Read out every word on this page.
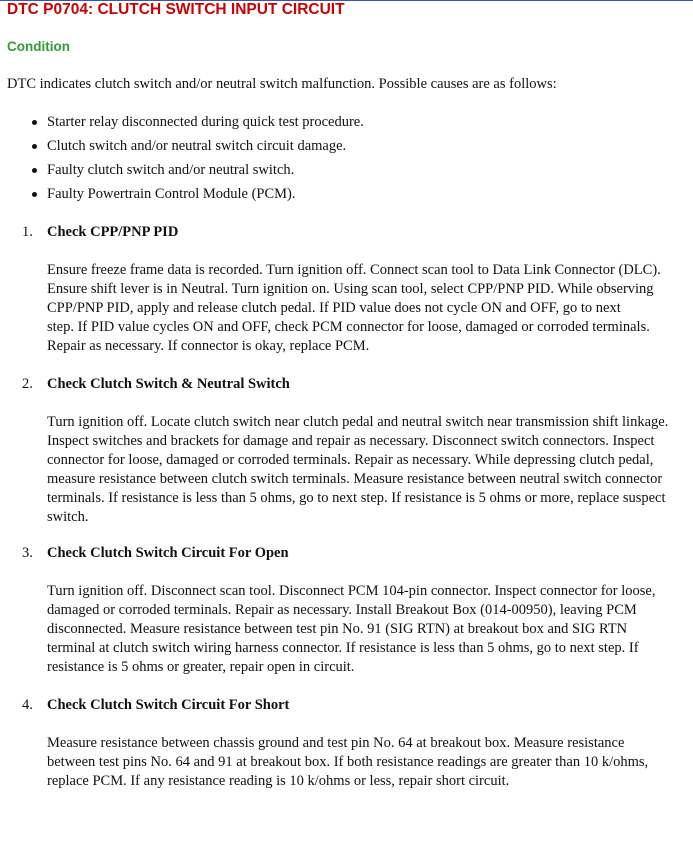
DTC P0704: CLUTCH SWITCH INPUT CIRCUIT
Condition

DTC indicates clutch switch and/or neutral switch malfunction. Possible causes are as follows:

Starter relay disconnected during quick test procedure.
Clutch switch and/or neutral switch circuit damage.
Faulty clutch switch and/or neutral switch.
Faulty Powertrain Control Module (PCM).
1. Check CPP/PNP PID

Ensure freeze frame data is recorded. Turn ignition off. Connect scan tool to Data Link Connector (DLC).
Ensure shift lever is in Neutral. Turn ignition on. Using scan tool, select CPP/PNP PID. While observing
CPP/PNP PID, apply and release clutch pedal. If PID value does not cycle ON and OFF, go to next
step. If PID value cycles ON and OFF, check PCM connector for loose, damaged or corroded terminals.
Repair as necessary. If connector is okay, replace PCM.

2. Check Clutch Switch & Neutral Switch

Turn ignition off. Locate clutch switch near clutch pedal and neutral switch near transmission shift linkage.
Inspect switches and brackets for damage and repair as necessary. Disconnect switch connectors. Inspect
connector for loose, damaged or corroded terminals. Repair as necessary. While depressing clutch pedal,
measure resistance between clutch switch terminals. Measure resistance between neutral switch connector
terminals. If resistance is less than 5 ohms, go to next step. If resistance is 5 ohms or more, replace suspect
switch.

3. Check Clutch Switch Circuit For Open

Turn ignition off. Disconnect scan tool. Disconnect PCM 104-pin connector. Inspect connector for loose,
damaged or corroded terminals. Repair as necessary. Install Breakout Box (014-00950), leaving PCM
disconnected. Measure resistance between test pin No. 91 (SIG RTN) at breakout box and SIG RTN
terminal at clutch switch wiring harness connector. If resistance is less than 5 ohms, go to next step. If
resistance is 5 ohms or greater, repair open in circuit.

4. Check Clutch Switch Circuit For Short

Measure resistance between chassis ground and test pin No. 64 at breakout box. Measure resistance
between test pins No. 64 and 91 at breakout box. If both resistance readings are greater than 10 k/ohms,
replace PCM. If any resistance reading is 10 k/ohms or less, repair short circuit.
